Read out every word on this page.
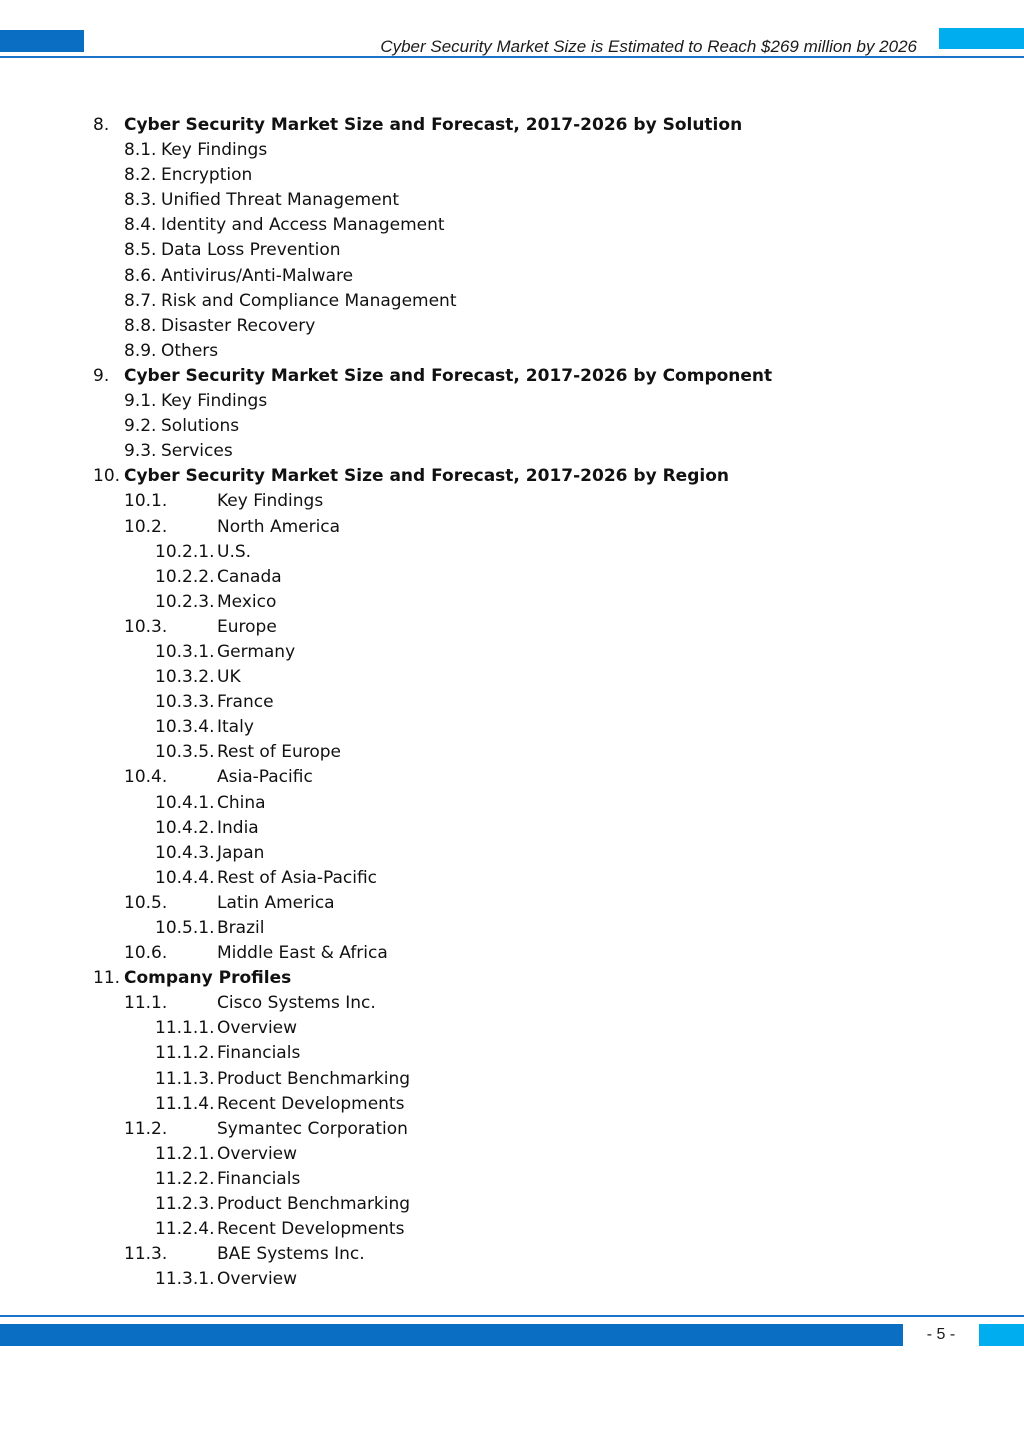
Cyber Security Market Size is Estimated to Reach $269 million by 2026
8. Cyber Security Market Size and Forecast, 2017-2026 by Solution
8.1. Key Findings
8.2. Encryption
8.3. Unified Threat Management
8.4. Identity and Access Management
8.5. Data Loss Prevention
8.6. Antivirus/Anti-Malware
8.7. Risk and Compliance Management
8.8. Disaster Recovery
8.9. Others
9. Cyber Security Market Size and Forecast, 2017-2026 by Component
9.1. Key Findings
9.2. Solutions
9.3. Services
10. Cyber Security Market Size and Forecast, 2017-2026 by Region
10.1.	Key Findings
10.2.	North America
10.2.1. U.S.
10.2.2. Canada
10.2.3. Mexico
10.3.	Europe
10.3.1. Germany
10.3.2. UK
10.3.3. France
10.3.4. Italy
10.3.5. Rest of Europe
10.4.	Asia-Pacific
10.4.1. China
10.4.2. India
10.4.3. Japan
10.4.4. Rest of Asia-Pacific
10.5.	Latin America
10.5.1. Brazil
10.6.	Middle East & Africa
11. Company Profiles
11.1.	Cisco Systems Inc.
11.1.1. Overview
11.1.2. Financials
11.1.3. Product Benchmarking
11.1.4. Recent Developments
11.2.	Symantec Corporation
11.2.1. Overview
11.2.2. Financials
11.2.3. Product Benchmarking
11.2.4. Recent Developments
11.3.	BAE Systems Inc.
11.3.1. Overview
- 5 -
